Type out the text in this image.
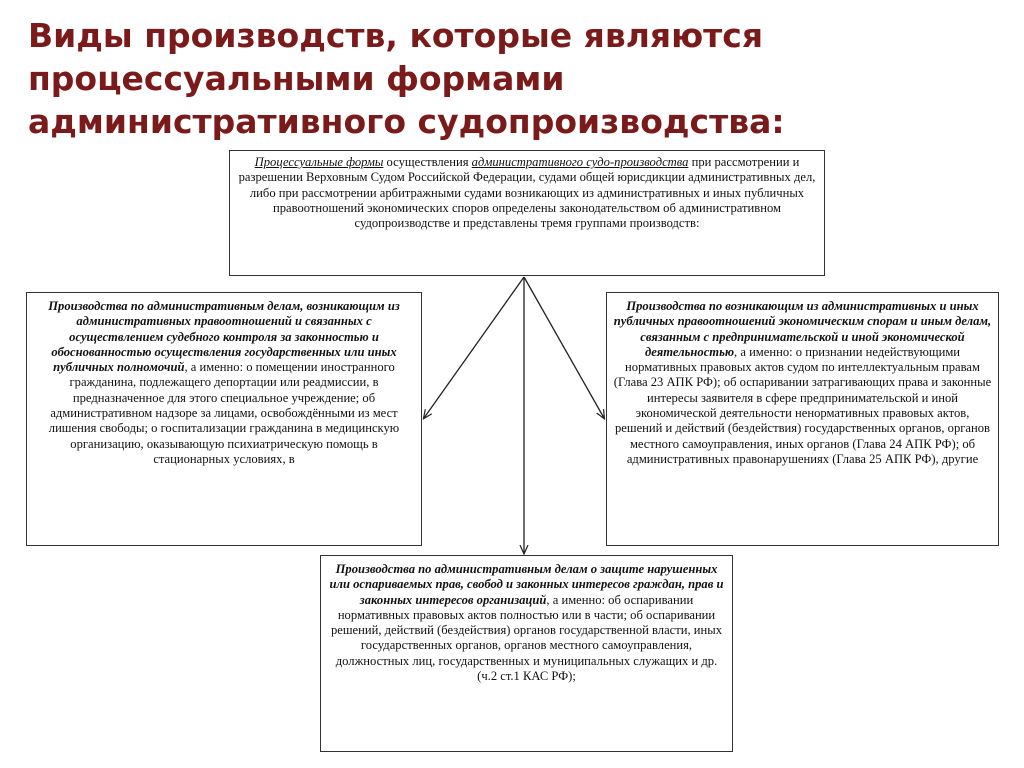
Виды производств, которые являются
процессуальными формами
административного судопроизводства:
Процессуальные формы осуществления административного судо-производства при рассмотрении и разрешении Верховным Судом Российской Федерации, судами общей юрисдикции административных дел, либо при рассмотрении арбитражными судами возникающих из административных и иных публичных правоотношений экономических споров определены законодательством об административном судопроизводстве и представлены тремя группами производств:
Производства по административным делам, возникающим из административных правоотношений и связанных с осуществлением судебного контроля за законностью и обоснованностью осуществления государственных или иных публичных полномочий, а именно: о помещении иностранного гражданина, подлежащего депортации или реадмиссии, в предназначенное для этого специальное учреждение; об административном надзоре за лицами, освобождёнными из мест лишения свободы; о госпитализации гражданина в медицинскую организацию, оказывающую психиатрическую помощь в стационарных условиях, в
Производства по возникающим из административных и иных публичных правоотношений экономическим спорам и иным делам, связанным с предпринимательской и иной экономической деятельностью, а именно: о признании недействующими нормативных правовых актов судом по интеллектуальным правам (Глава 23 АПК РФ); об оспаривании затрагивающих права и законные интересы заявителя в сфере предпринимательской и иной экономической деятельности ненормативных правовых актов, решений и действий (бездействия) государственных органов, органов местного самоуправления, иных органов (Глава 24 АПК РФ); об административных правонарушениях (Глава 25 АПК РФ), другие
Производства по административным делам о защите нарушенных или оспариваемых прав, свобод и законных интересов граждан, прав и законных интересов организаций, а именно: об оспаривании нормативных правовых актов полностью или в части; об оспаривании решений, действий (бездействия) органов государственной власти, иных государственных органов, органов местного самоуправления, должностных лиц, государственных и муниципальных служащих и др.
(ч.2 ст.1 КАС РФ);
